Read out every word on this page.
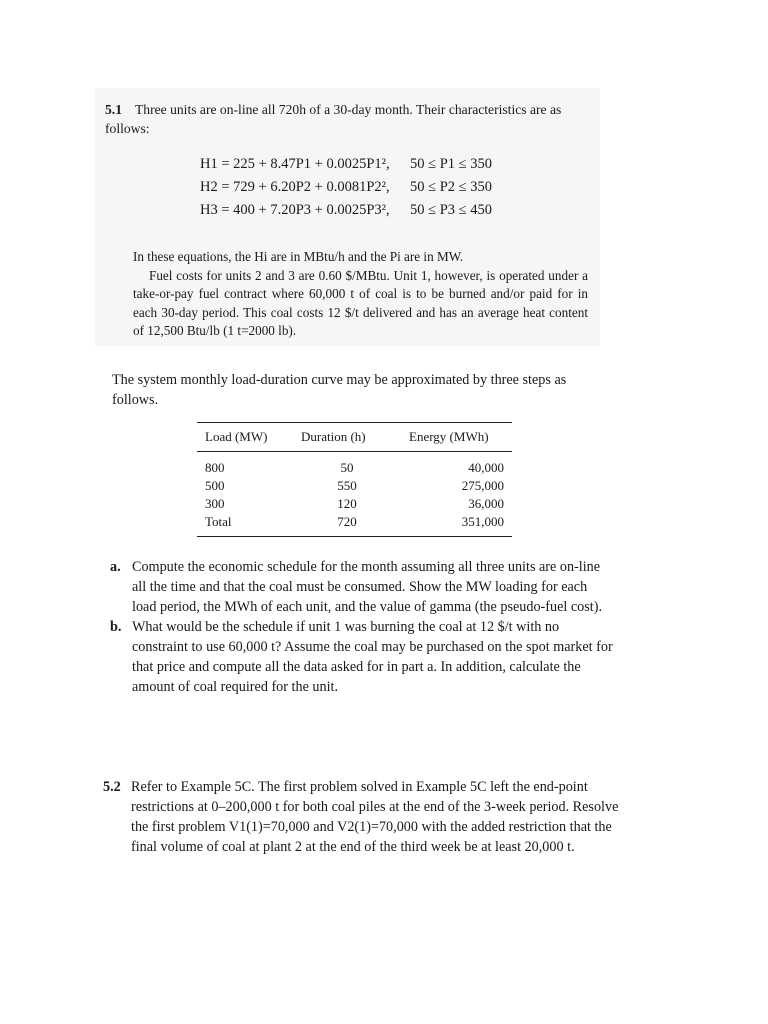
5.1 Three units are on-line all 720h of a 30-day month. Their characteristics are as follows:
H1 = 225 + 8.47P1 + 0.0025P1², 50 ≤ P1 ≤ 350
H2 = 729 + 6.20P2 + 0.0081P2², 50 ≤ P2 ≤ 350
H3 = 400 + 7.20P3 + 0.0025P3², 50 ≤ P3 ≤ 450

In these equations, the Hi are in MBtu/h and the Pi are in MW.

Fuel costs for units 2 and 3 are 0.60 $/MBtu. Unit 1, however, is operated under a take-or-pay fuel contract where 60,000 t of coal is to be burned and/or paid for in each 30-day period. This coal costs 12 $/t delivered and has an average heat content of 12,500 Btu/lb (1 t=2000 lb).

The system monthly load-duration curve may be approximated by three steps as follows.
Load (MW)	Duration (h)	Energy (MWh)
800	50	40,000
500	550	275,000
300	120	36,000
Total	720	351,000
a. Compute the economic schedule for the month assuming all three units are on-line all the time and that the coal must be consumed. Show the MW loading for each load period, the MWh of each unit, and the value of gamma (the pseudo-fuel cost).
b. What would be the schedule if unit 1 was burning the coal at 12 $/t with no constraint to use 60,000 t? Assume the coal may be purchased on the spot market for that price and compute all the data asked for in part a. In addition, calculate the amount of coal required for the unit.
5.2 Refer to Example 5C. The first problem solved in Example 5C left the end-point restrictions at 0–200,000 t for both coal piles at the end of the 3-week period. Resolve the first problem V1(1)=70,000 and V2(1)=70,000 with the added restriction that the final volume of coal at plant 2 at the end of the third week be at least 20,000 t.
